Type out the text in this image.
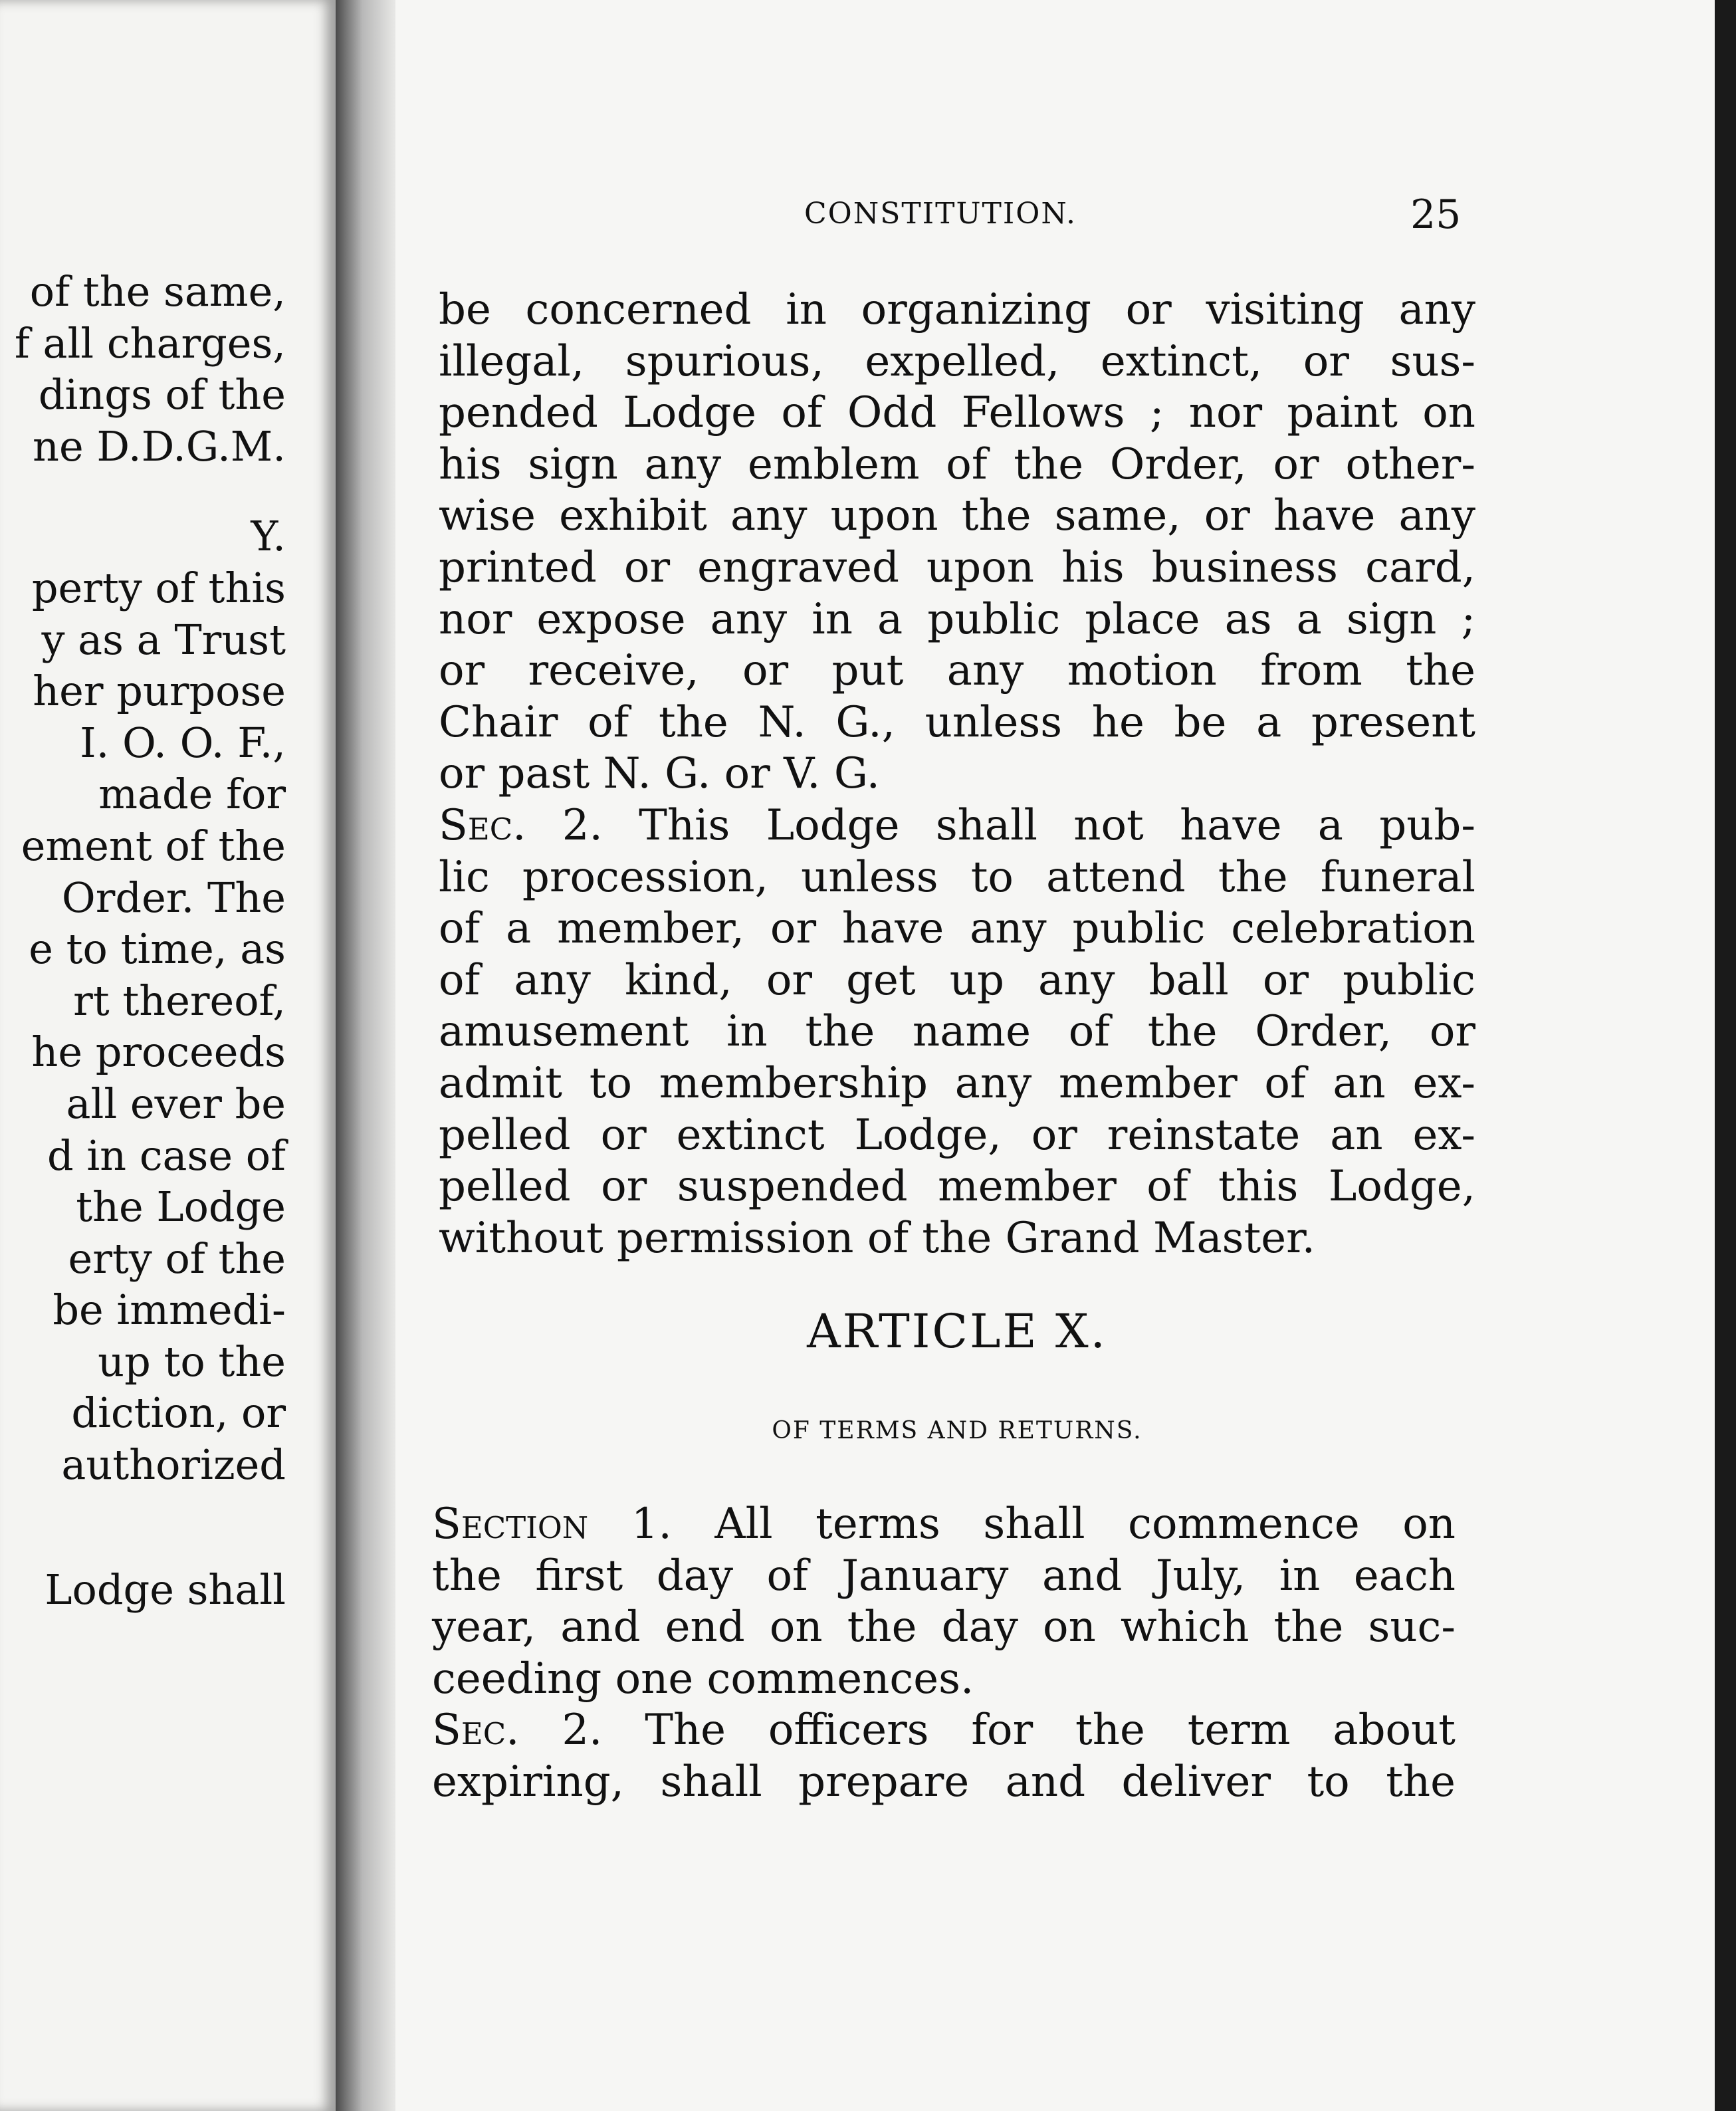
of the same,
f all charges,
dings of the
ne D.D.G.M.
Y.
perty of this
y as a Trust
her purpose
I. O. O. F.,
made for
ement of the
Order. The
e to time, as
rt thereof,
he proceeds
all ever be
d in case of
the Lodge
erty of the
be immedi-
up to the
diction, or
authorized
Lodge shall
CONSTITUTION.	25
be concerned in organizing or visiting any
illegal, spurious, expelled, extinct, or sus-
pended Lodge of Odd Fellows ; nor paint on
his sign any emblem of the Order, or other-
wise exhibit any upon the same, or have any
printed or engraved upon his business card,
nor expose any in a public place as a sign ;
or receive, or put any motion from the
Chair of the N. G., unless he be a present
or past N. G. or V. G.
Sec. 2. This Lodge shall not have a pub-
lic procession, unless to attend the funeral
of a member, or have any public celebration
of any kind, or get up any ball or public
amusement in the name of the Order, or
admit to membership any member of an ex-
pelled or extinct Lodge, or reinstate an ex-
pelled or suspended member of this Lodge,
without permission of the Grand Master.
ARTICLE X.
OF TERMS AND RETURNS.
Section 1. All terms shall commence on
the first day of January and July, in each
year, and end on the day on which the suc-
ceeding one commences.
Sec. 2. The officers for the term about
expiring, shall prepare and deliver to the
